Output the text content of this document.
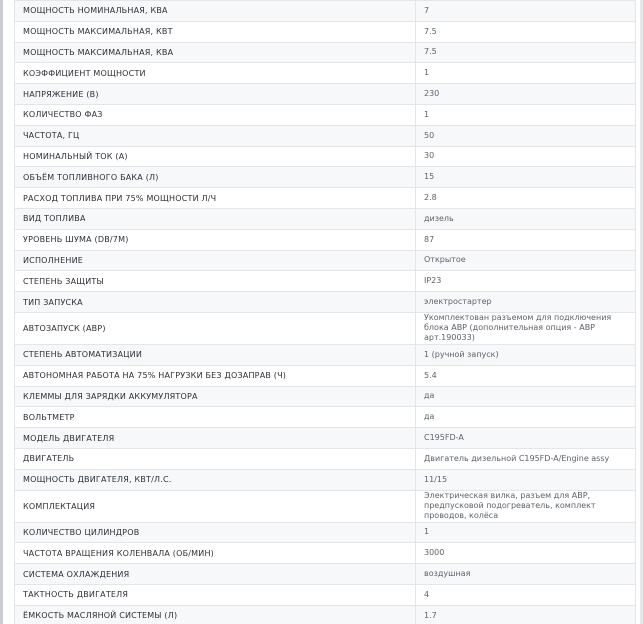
МОЩНОСТЬ НОМИНАЛЬНАЯ, КВА	7
МОЩНОСТЬ МАКСИМАЛЬНАЯ, КВТ	7.5
МОЩНОСТЬ МАКСИМАЛЬНАЯ, КВА	7.5
КОЭФФИЦИЕНТ МОЩНОСТИ	1
НАПРЯЖЕНИЕ (В)	230
КОЛИЧЕСТВО ФАЗ	1
ЧАСТОТА, ГЦ	50
НОМИНАЛЬНЫЙ ТОК (А)	30
ОБЪЁМ ТОПЛИВНОГО БАКА (Л)	15
РАСХОД ТОПЛИВА ПРИ 75% МОЩНОСТИ Л/Ч	2.8
ВИД ТОПЛИВА	дизель
УРОВЕНЬ ШУМА (DB/7M)	87
ИСПОЛНЕНИЕ	Открытое
СТЕПЕНЬ ЗАЩИТЫ	IP23
ТИП ЗАПУСКА	электростартер
АВТОЗАПУСК (АВР)	Укомплектован разъемом для подключения блока АВР (дополнительная опция - АВР арт.190033)
СТЕПЕНЬ АВТОМАТИЗАЦИИ	1 (ручной запуск)
АВТОНОМНАЯ РАБОТА НА 75% НАГРУЗКИ БЕЗ ДОЗАПРАВ (Ч)	5.4
КЛЕММЫ ДЛЯ ЗАРЯДКИ АККУМУЛЯТОРА	да
ВОЛЬТМЕТР	да
МОДЕЛЬ ДВИГАТЕЛЯ	C195FD-A
ДВИГАТЕЛЬ	Двигатель дизельной C195FD-A/Engine assy
МОЩНОСТЬ ДВИГАТЕЛЯ, КВТ/Л.С.	11/15
КОМПЛЕКТАЦИЯ	Электрическая вилка, разъем для АВР, предпусковой подогреватель, комплект проводов, колёса
КОЛИЧЕСТВО ЦИЛИНДРОВ	1
ЧАСТОТА ВРАЩЕНИЯ КОЛЕНВАЛА (ОБ/МИН)	3000
СИСТЕМА ОХЛАЖДЕНИЯ	воздушная
ТАКТНОСТЬ ДВИГАТЕЛЯ	4
ЁМКОСТЬ МАСЛЯНОЙ СИСТЕМЫ (Л)	1.7
